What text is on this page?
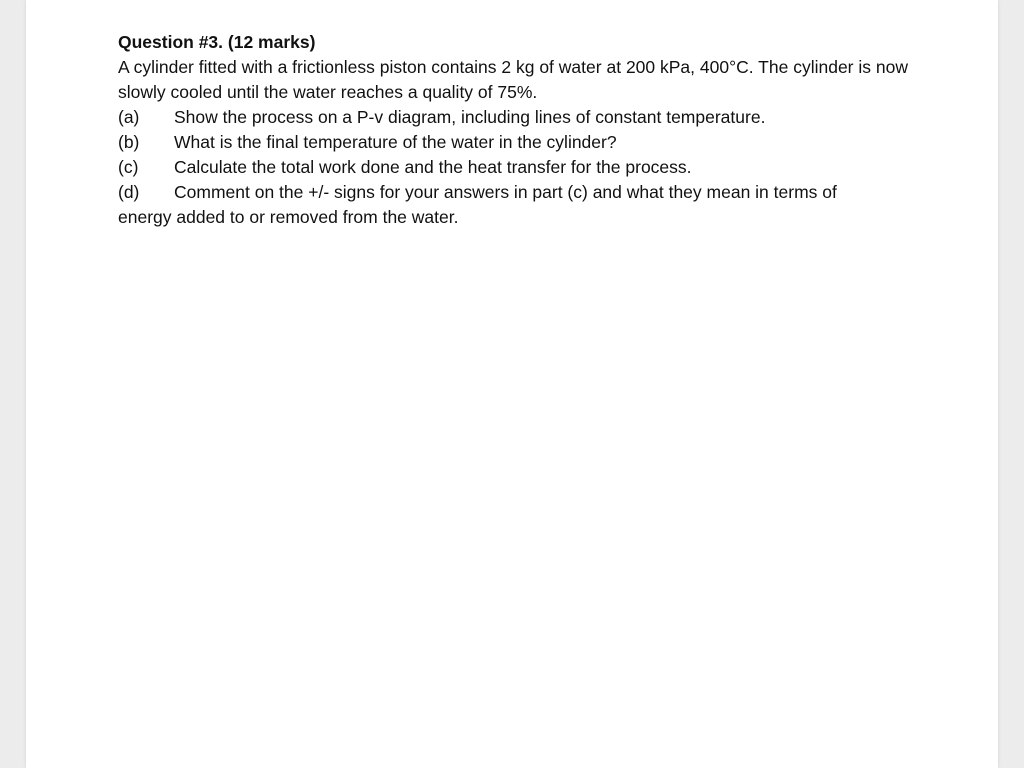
Question #3. (12 marks)

A cylinder fitted with a frictionless piston contains 2 kg of water at 200 kPa, 400°C. The cylinder is now slowly cooled until the water reaches a quality of 75%.

(a)	Show the process on a P-v diagram, including lines of constant temperature.
(b)	What is the final temperature of the water in the cylinder?
(c)	Calculate the total work done and the heat transfer for the process.
(d)	Comment on the +/- signs for your answers in part (c) and what they mean in terms of

energy added to or removed from the water.
